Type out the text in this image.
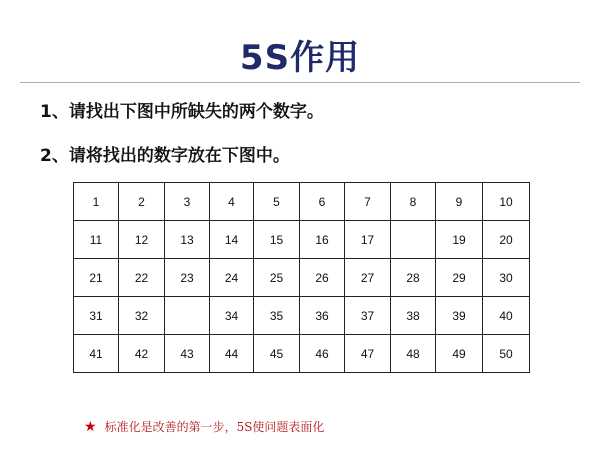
5S作用
1、请找出下图中所缺失的两个数字。
2、请将找出的数字放在下图中。
1	2	3	4	5	6	7	8	9	10
11	12	13	14	15	16	17		19	20
21	22	23	24	25	26	27	28	29	30
31	32		34	35	36	37	38	39	40
41	42	43	44	45	46	47	48	49	50
★ 标准化是改善的第一步，5S使问题表面化
